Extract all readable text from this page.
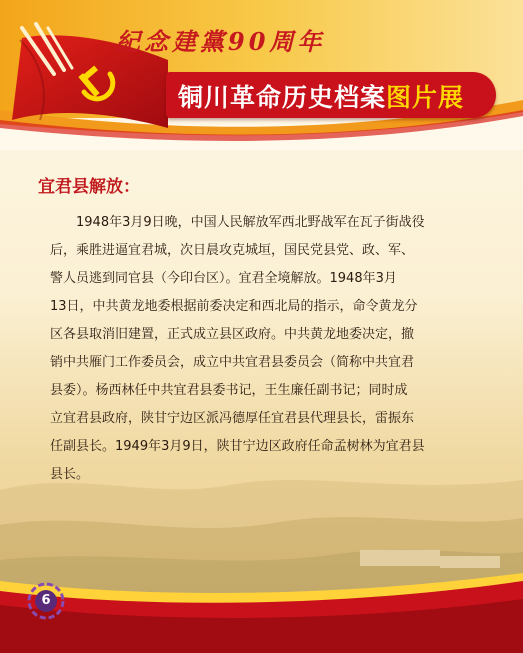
紀念建黨90周年
铜川革命历史档案图片展
宜君县解放：
1948年3月9日晚，中国人民解放军西北野战军在瓦子街战役
后，乘胜进逼宜君城，次日晨攻克城垣，国民党县党、政、军、
警人员逃到同官县（今印台区）。宜君全境解放。1948年3月
13日，中共黄龙地委根据前委决定和西北局的指示，命令黄龙分
区各县取消旧建置，正式成立县区政府。中共黄龙地委决定，撤
销中共雁门工作委员会，成立中共宜君县委员会（简称中共宜君
县委）。杨西林任中共宜君县委书记，王生廉任副书记；同时成
立宜君县政府，陕甘宁边区派冯德厚任宜君县代理县长，雷振东
任副县长。1949年3月9日，陕甘宁边区政府任命孟树林为宜君县
县长。
6
